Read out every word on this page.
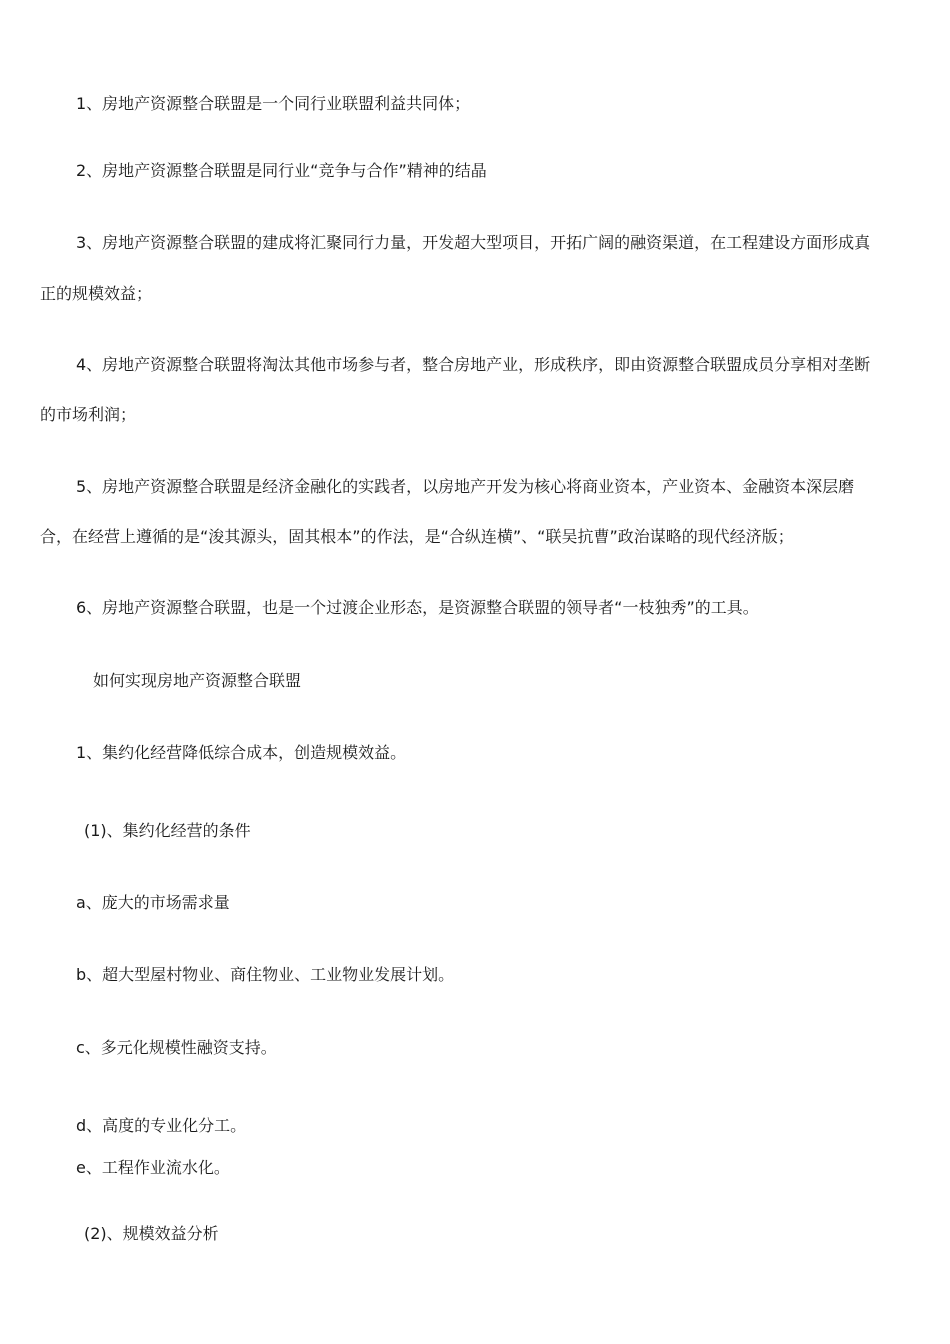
1、房地产资源整合联盟是一个同行业联盟利益共同体；
2、房地产资源整合联盟是同行业“竞争与合作”精神的结晶
3、房地产资源整合联盟的建成将汇聚同行力量，开发超大型项目，开拓广阔的融资渠道，在工程建设方面形成真
正的规模效益；
4、房地产资源整合联盟将淘汰其他市场参与者，整合房地产业，形成秩序，即由资源整合联盟成员分享相对垄断
的市场利润；
5、房地产资源整合联盟是经济金融化的实践者，以房地产开发为核心将商业资本，产业资本、金融资本深层磨
合，在经营上遵循的是“浚其源头，固其根本”的作法，是“合纵连横”、“联吴抗曹”政治谋略的现代经济版；
6、房地产资源整合联盟，也是一个过渡企业形态，是资源整合联盟的领导者“一枝独秀”的工具。
如何实现房地产资源整合联盟
1、集约化经营降低综合成本，创造规模效益。
(1)、集约化经营的条件
a、庞大的市场需求量
b、超大型屋村物业、商住物业、工业物业发展计划。
c、多元化规模性融资支持。
d、高度的专业化分工。
e、工程作业流水化。
(2)、规模效益分析
